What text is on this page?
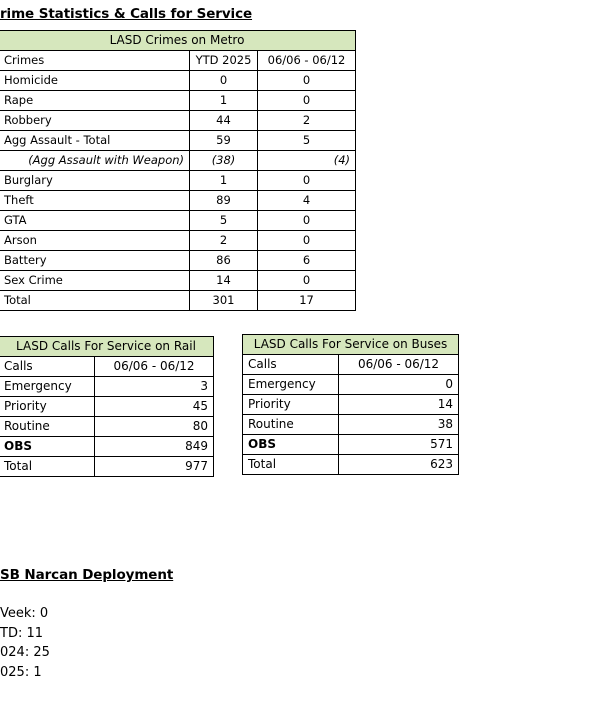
rime Statistics & Calls for Service
LASD Crimes on Metro		
Crimes	YTD 2025	06/06 - 06/12
Homicide	0	0
Rape	1	0
Robbery	44	2
Agg Assault - Total	59	5
(Agg Assault with Weapon)	(38)	(4)
Burglary	1	0
Theft	89	4
GTA	5	0
Arson	2	0
Battery	86	6
Sex Crime	14	0
Total	301	17
LASD Calls For Service on Rail	
Calls	06/06 - 06/12
Emergency	3
Priority	45
Routine	80
OBS	849
Total	977
LASD Calls For Service on Buses	
Calls	06/06 - 06/12
Emergency	0
Priority	14
Routine	38
OBS	571
Total	623
SB Narcan Deployment
Veek: 0
TD: 11
024: 25
025: 1
